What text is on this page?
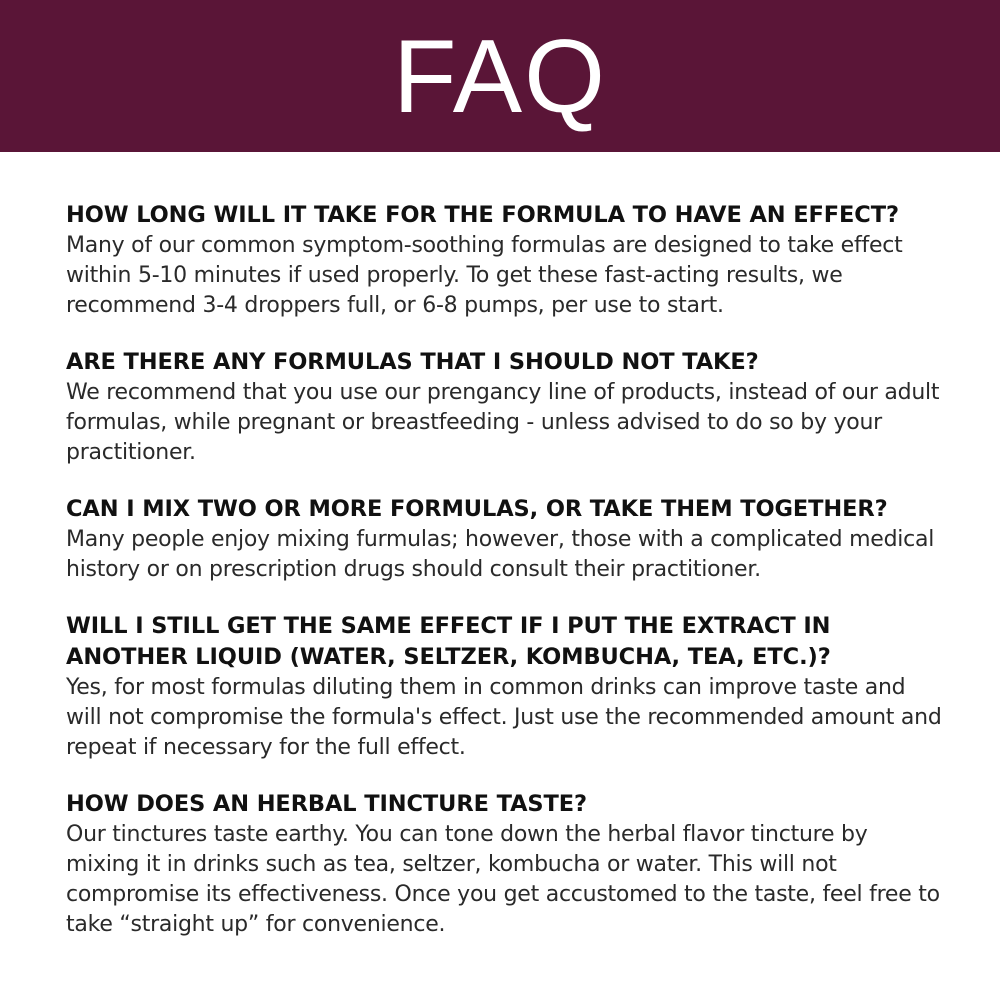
FAQ

HOW LONG WILL IT TAKE FOR THE FORMULA TO HAVE AN EFFECT?

Many of our common symptom-soothing formulas are designed to take effect within 5-10 minutes if used properly. To get these fast-acting results, we recommend 3-4 droppers full, or 6-8 pumps, per use to start.

ARE THERE ANY FORMULAS THAT I SHOULD NOT TAKE?

We recommend that you use our prengancy line of products, instead of our adult formulas, while pregnant or breastfeeding - unless advised to do so by your practitioner.

CAN I MIX TWO OR MORE FORMULAS, OR TAKE THEM TOGETHER?

Many people enjoy mixing furmulas; however, those with a complicated medical history or on prescription drugs should consult their practitioner.

WILL I STILL GET THE SAME EFFECT IF I PUT THE EXTRACT IN ANOTHER LIQUID (WATER, SELTZER, KOMBUCHA, TEA, ETC.)?

Yes, for most formulas diluting them in common drinks can improve taste and will not compromise the formula's effect. Just use the recommended amount and repeat if necessary for the full effect.

HOW DOES AN HERBAL TINCTURE TASTE?

Our tinctures taste earthy. You can tone down the herbal flavor tincture by mixing it in drinks such as tea, seltzer, kombucha or water. This will not compromise its effectiveness. Once you get accustomed to the taste, feel free to take “straight up” for convenience.
